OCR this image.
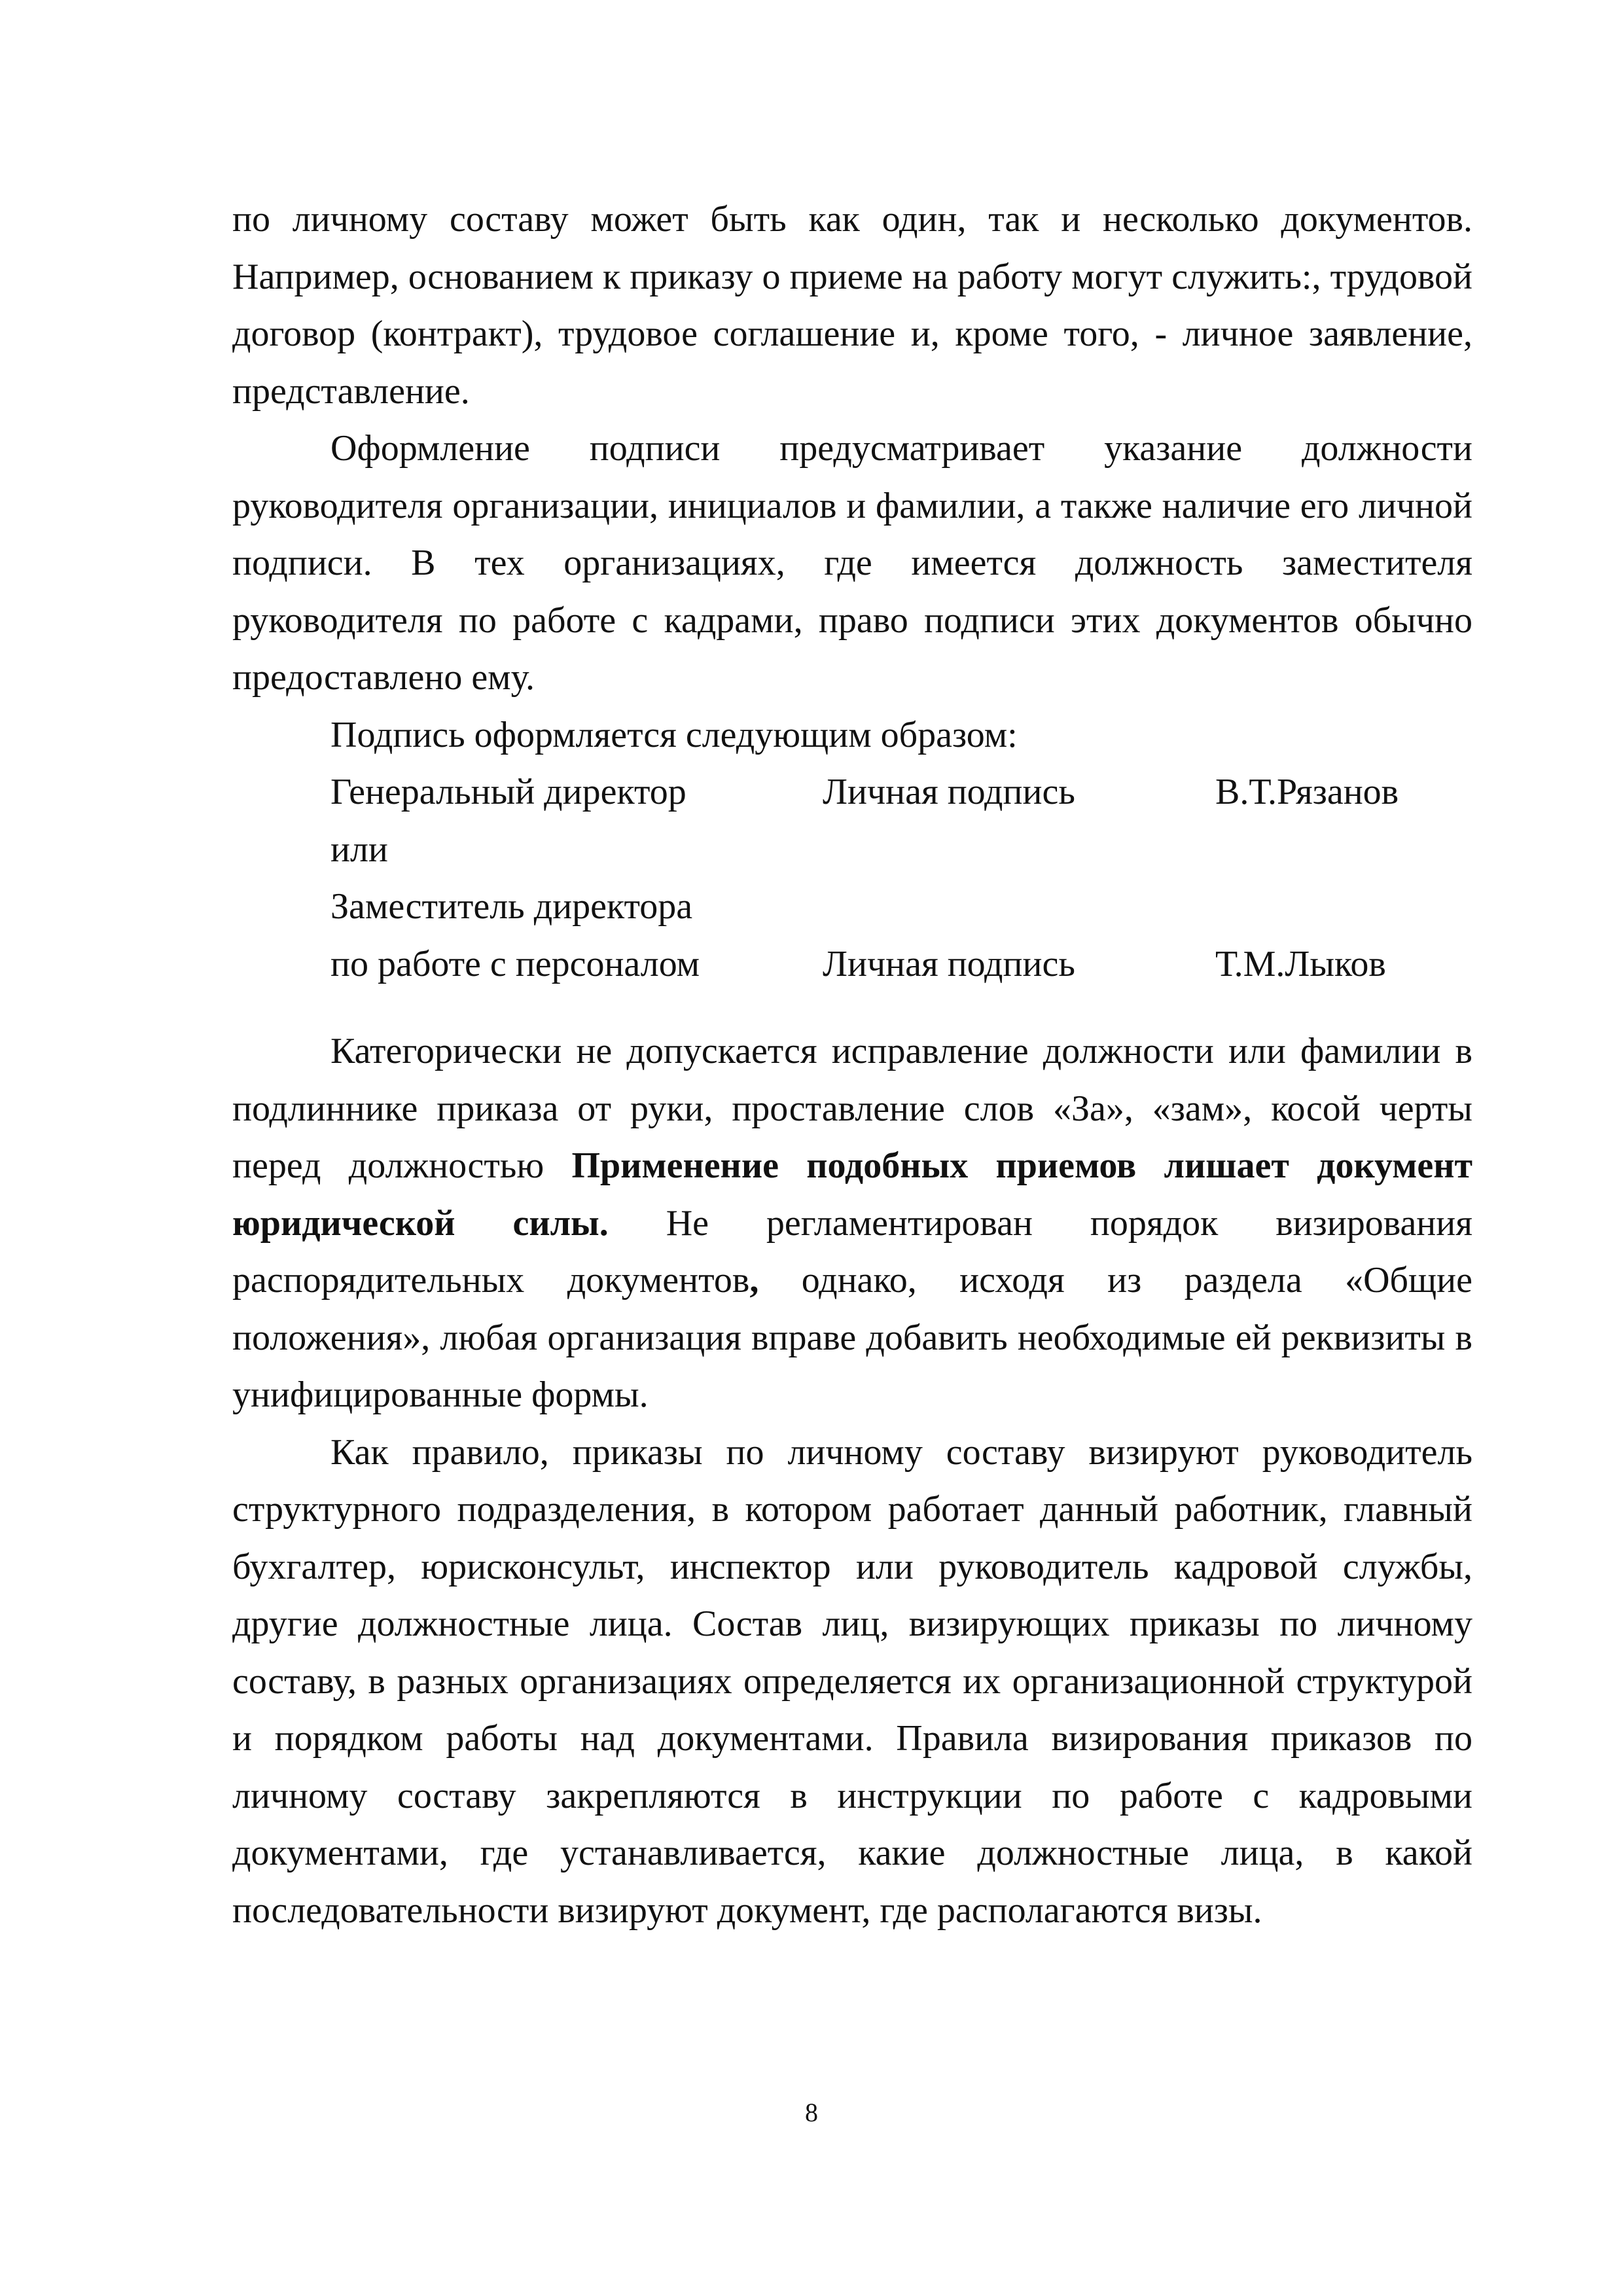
по личному составу может быть как один, так и несколько документов. Например, основанием к приказу о приеме на работу могут служить:, трудовой договор (контракт), трудовое соглашение и, кроме того, - личное заявление, представление.

Оформление подписи предусматривает указание должности руководителя организации, инициалов и фамилии, а также наличие его личной подписи. В тех организациях, где имеется должность заместителя руководителя по работе с кадрами, право подписи этих документов обычно предоставлено ему.

Подпись оформляется следующим образом:

Генеральный директор	Личная подпись	В.Т.Рязанов
или
Заместитель директора
по работе с персоналом	Личная подпись	Т.М.Лыков

Категорически не допускается исправление должности или фамилии в подлиннике приказа от руки, проставление слов «За», «зам», косой черты перед должностью Применение подобных приемов лишает документ юридической силы. Не регламентирован порядок визирования распорядительных документов, однако, исходя из раздела «Общие положения», любая организация вправе добавить необходимые ей реквизиты в унифицированные формы.

Как правило, приказы по личному составу визируют руководитель структурного подразделения, в котором работает данный работник, главный бухгалтер, юрисконсульт, инспектор или руководитель кадровой службы, другие должностные лица. Состав лиц, визирующих приказы по личному составу, в разных организациях определяется их организационной структурой и порядком работы над документами. Правила визирования приказов по личному составу закрепляются в инструкции по работе с кадровыми документами, где устанавливается, какие должностные лица, в какой последовательности визируют документ, где располагаются визы.

8
